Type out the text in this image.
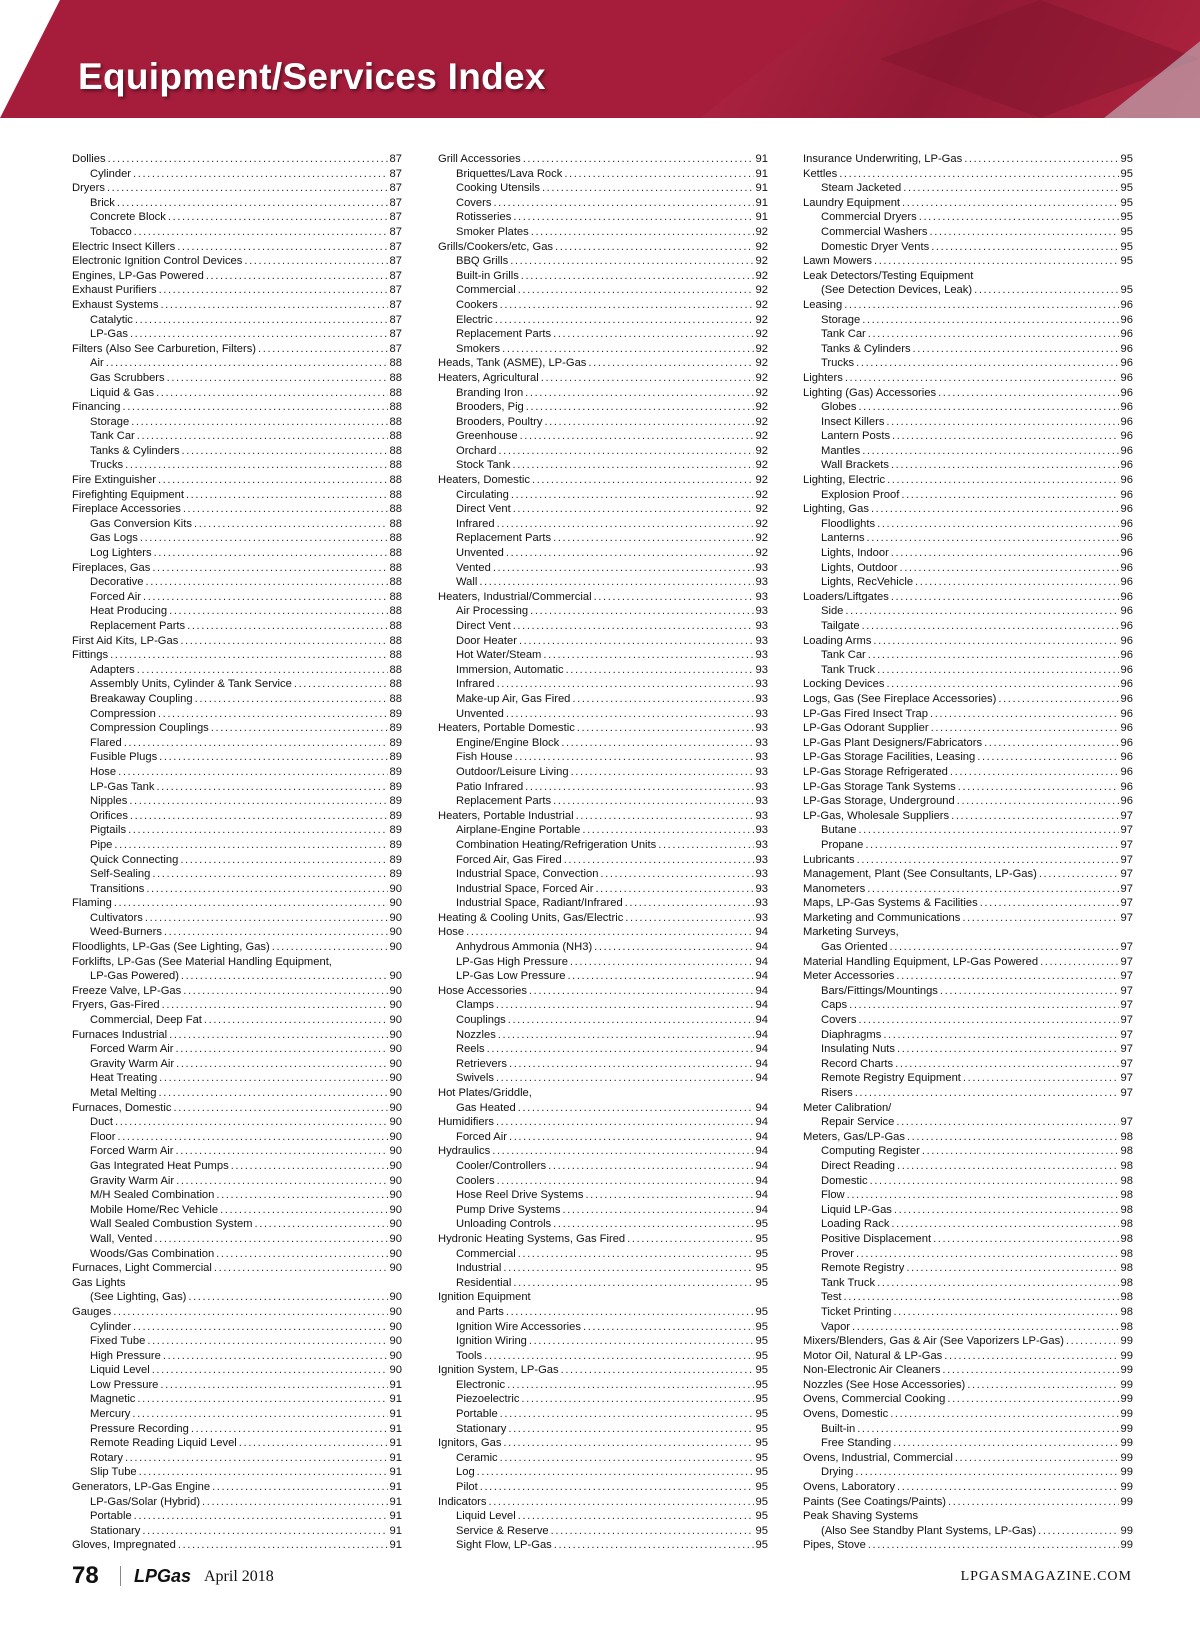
Equipment/Services Index
Dollies .....	87
Cylinder .....	87
Dryers .....	87
Brick .....	87
Concrete Block .....	87
Tobacco .....	87
Electric Insect Killers .....	87
Electronic Ignition Control Devices .....	87
Engines, LP-Gas Powered .....	87
Exhaust Purifiers .....	87
Exhaust Systems .....	87
Catalytic .....	87
LP-Gas .....	87
Filters (Also See Carburetion, Filters) .....	87
Air .....	88
Gas Scrubbers .....	88
Liquid & Gas .....	88
Financing .....	88
Storage .....	88
Tank Car .....	88
Tanks & Cylinders .....	88
Trucks .....	88
Fire Extinguisher .....	88
Firefighting Equipment .....	88
Fireplace Accessories .....	88
Gas Conversion Kits .....	88
Gas Logs .....	88
Log Lighters .....	88
Fireplaces, Gas .....	88
Decorative .....	88
Forced Air .....	88
Heat Producing .....	88
Replacement Parts .....	88
First Aid Kits, LP-Gas .....	88
Fittings .....	88
Adapters .....	88
Assembly Units, Cylinder & Tank Service .....	88
Breakaway Coupling .....	88
Compression .....	89
Compression Couplings .....	89
Flared .....	89
Fusible Plugs .....	89
Hose .....	89
LP-Gas Tank .....	89
Nipples .....	89
Orifices .....	89
Pigtails .....	89
Pipe .....	89
Quick Connecting .....	89
Self-Sealing .....	89
Transitions .....	90
Flaming .....	90
Cultivators .....	90
Weed-Burners .....	90
Floodlights, LP-Gas (See Lighting, Gas) .....	90
Forklifts, LP-Gas (See Material Handling Equipment,
LP-Gas Powered) .....	90
Freeze Valve, LP-Gas .....	90
Fryers, Gas-Fired .....	90
Commercial, Deep Fat .....	90
Furnaces Industrial .....	90
Forced Warm Air .....	90
Gravity Warm Air .....	90
Heat Treating .....	90
Metal Melting .....	90
Furnaces, Domestic .....	90
Duct .....	90
Floor .....	90
Forced Warm Air .....	90
Gas Integrated Heat Pumps .....	90
Gravity Warm Air .....	90
M/H Sealed Combination .....	90
Mobile Home/Rec Vehicle .....	90
Wall Sealed Combustion System .....	90
Wall, Vented .....	90
Woods/Gas Combination .....	90
Furnaces, Light Commercial .....	90
Gas Lights
(See Lighting, Gas) .....	90
Gauges .....	90
Cylinder .....	90
Fixed Tube .....	90
High Pressure .....	90
Liquid Level .....	90
Low Pressure .....	91
Magnetic .....	91
Mercury .....	91
Pressure Recording .....	91
Remote Reading Liquid Level .....	91
Rotary .....	91
Slip Tube .....	91
Generators, LP-Gas Engine .....	91
LP-Gas/Solar (Hybrid) .....	91
Portable .....	91
Stationary .....	91
Gloves, Impregnated .....	91
Grill Accessories .....	91
Briquettes/Lava Rock .....	91
Cooking Utensils .....	91
Covers .....	91
Rotisseries .....	91
Smoker Plates .....	92
Grills/Cookers/etc, Gas .....	92
BBQ Grills .....	92
Built-in Grills .....	92
Commercial .....	92
Cookers .....	92
Electric .....	92
Replacement Parts .....	92
Smokers .....	92
Heads, Tank (ASME), LP-Gas .....	92
Heaters, Agricultural .....	92
Branding Iron .....	92
Brooders, Pig .....	92
Brooders, Poultry .....	92
Greenhouse .....	92
Orchard .....	92
Stock Tank .....	92
Heaters, Domestic .....	92
Circulating .....	92
Direct Vent .....	92
Infrared .....	92
Replacement Parts .....	92
Unvented .....	92
Vented .....	93
Wall .....	93
Heaters, Industrial/Commercial .....	93
Air Processing .....	93
Direct Vent .....	93
Door Heater .....	93
Hot Water/Steam .....	93
Immersion, Automatic .....	93
Infrared .....	93
Make-up Air, Gas Fired .....	93
Unvented .....	93
Heaters, Portable Domestic .....	93
Engine/Engine Block .....	93
Fish House .....	93
Outdoor/Leisure Living .....	93
Patio Infrared .....	93
Replacement Parts .....	93
Heaters, Portable Industrial .....	93
Airplane-Engine Portable .....	93
Combination Heating/Refrigeration Units .....	93
Forced Air, Gas Fired .....	93
Industrial Space, Convection .....	93
Industrial Space, Forced Air .....	93
Industrial Space, Radiant/Infrared .....	93
Heating & Cooling Units, Gas/Electric .....	93
Hose .....	94
Anhydrous Ammonia (NH3) .....	94
LP-Gas High Pressure .....	94
LP-Gas Low Pressure .....	94
Hose Accessories .....	94
Clamps .....	94
Couplings .....	94
Nozzles .....	94
Reels .....	94
Retrievers .....	94
Swivels .....	94
Hot Plates/Griddle,
Gas Heated .....	94
Humidifiers .....	94
Forced Air .....	94
Hydraulics .....	94
Cooler/Controllers .....	94
Coolers .....	94
Hose Reel Drive Systems .....	94
Pump Drive Systems .....	94
Unloading Controls .....	95
Hydronic Heating Systems, Gas Fired .....	95
Commercial .....	95
Industrial .....	95
Residential .....	95
Ignition Equipment
and Parts .....	95
Ignition Wire Accessories .....	95
Ignition Wiring .....	95
Tools .....	95
Ignition System, LP-Gas .....	95
Electronic .....	95
Piezoelectric .....	95
Portable .....	95
Stationary .....	95
Ignitors, Gas .....	95
Ceramic .....	95
Log .....	95
Pilot .....	95
Indicators .....	95
Liquid Level .....	95
Service & Reserve .....	95
Sight Flow, LP-Gas .....	95
Insurance Underwriting, LP-Gas .....	95
Kettles .....	95
Steam Jacketed .....	95
Laundry Equipment .....	95
Commercial Dryers .....	95
Commercial Washers .....	95
Domestic Dryer Vents .....	95
Lawn Mowers .....	95
Leak Detectors/Testing Equipment
(See Detection Devices, Leak) .....	95
Leasing .....	96
Storage .....	96
Tank Car .....	96
Tanks & Cylinders .....	96
Trucks .....	96
Lighters .....	96
Lighting (Gas) Accessories .....	96
Globes .....	96
Insect Killers .....	96
Lantern Posts .....	96
Mantles .....	96
Wall Brackets .....	96
Lighting, Electric .....	96
Explosion Proof .....	96
Lighting, Gas .....	96
Floodlights .....	96
Lanterns .....	96
Lights, Indoor .....	96
Lights, Outdoor .....	96
Lights, RecVehicle .....	96
Loaders/Liftgates .....	96
Side .....	96
Tailgate .....	96
Loading Arms .....	96
Tank Car .....	96
Tank Truck .....	96
Locking Devices .....	96
Logs, Gas (See Fireplace Accessories) .....	96
LP-Gas Fired Insect Trap .....	96
LP-Gas Odorant Supplier .....	96
LP-Gas Plant Designers/Fabricators .....	96
LP-Gas Storage Facilities, Leasing .....	96
LP-Gas Storage Refrigerated .....	96
LP-Gas Storage Tank Systems .....	96
LP-Gas Storage, Underground .....	96
LP-Gas, Wholesale Suppliers .....	97
Butane .....	97
Propane .....	97
Lubricants .....	97
Management, Plant (See Consultants, LP-Gas) .....	97
Manometers .....	97
Maps, LP-Gas Systems & Facilities .....	97
Marketing and Communications .....	97
Marketing Surveys,
Gas Oriented .....	97
Material Handling Equipment, LP-Gas Powered .....	97
Meter Accessories .....	97
Bars/Fittings/Mountings .....	97
Caps .....	97
Covers .....	97
Diaphragms .....	97
Insulating Nuts .....	97
Record Charts .....	97
Remote Registry Equipment .....	97
Risers .....	97
Meter Calibration/
Repair Service .....	97
Meters, Gas/LP-Gas .....	98
Computing Register .....	98
Direct Reading .....	98
Domestic .....	98
Flow .....	98
Liquid LP-Gas .....	98
Loading Rack .....	98
Positive Displacement .....	98
Prover .....	98
Remote Registry .....	98
Tank Truck .....	98
Test .....	98
Ticket Printing .....	98
Vapor .....	98
Mixers/Blenders, Gas & Air (See Vaporizers LP-Gas) .....	99
Motor Oil, Natural & LP-Gas .....	99
Non-Electronic Air Cleaners .....	99
Nozzles (See Hose Accessories) .....	99
Ovens, Commercial Cooking .....	99
Ovens, Domestic .....	99
Built-in .....	99
Free Standing .....	99
Ovens, Industrial, Commercial .....	99
Drying .....	99
Ovens, Laboratory .....	99
Paints (See Coatings/Paints) .....	99
Peak Shaving Systems
(Also See Standby Plant Systems, LP-Gas) .....	99
Pipes, Stove .....	99
78 LPGas April 2018	LPGASMAGAZINE.COM
